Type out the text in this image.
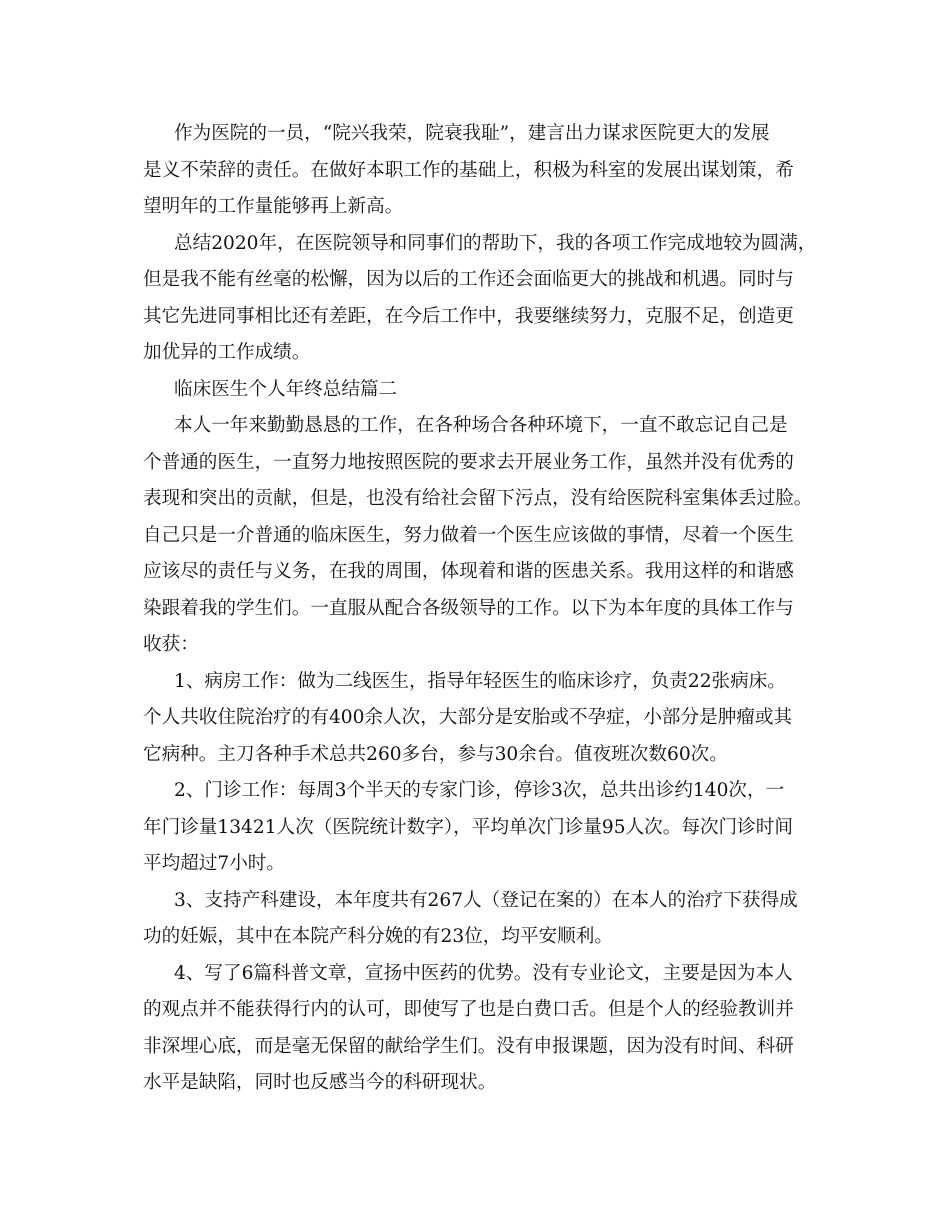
作为医院的一员，“院兴我荣，院衰我耻”，建言出力谋求医院更大的发展
是义不荣辞的责任。在做好本职工作的基础上，积极为科室的发展出谋划策，希
望明年的工作量能够再上新高。
总结2020年，在医院领导和同事们的帮助下，我的各项工作完成地较为圆满，
但是我不能有丝毫的松懈，因为以后的工作还会面临更大的挑战和机遇。同时与
其它先进同事相比还有差距，在今后工作中，我要继续努力，克服不足，创造更
加优异的工作成绩。
临床医生个人年终总结篇二
本人一年来勤勤恳恳的工作，在各种场合各种环境下，一直不敢忘记自己是
个普通的医生，一直努力地按照医院的要求去开展业务工作，虽然并没有优秀的
表现和突出的贡献，但是，也没有给社会留下污点，没有给医院科室集体丢过脸。
自己只是一介普通的临床医生，努力做着一个医生应该做的事情，尽着一个医生
应该尽的责任与义务，在我的周围，体现着和谐的医患关系。我用这样的和谐感
染跟着我的学生们。一直服从配合各级领导的工作。以下为本年度的具体工作与
收获：
1、病房工作：做为二线医生，指导年轻医生的临床诊疗，负责22张病床。
个人共收住院治疗的有400余人次，大部分是安胎或不孕症，小部分是肿瘤或其
它病种。主刀各种手术总共260多台，参与30余台。值夜班次数60次。
2、门诊工作：每周3个半天的专家门诊，停诊3次，总共出诊约140次，一
年门诊量13421人次（医院统计数字），平均单次门诊量95人次。每次门诊时间
平均超过7小时。
3、支持产科建设，本年度共有267人（登记在案的）在本人的治疗下获得成
功的妊娠，其中在本院产科分娩的有23位，均平安顺利。
4、写了6篇科普文章，宣扬中医药的优势。没有专业论文，主要是因为本人
的观点并不能获得行内的认可，即使写了也是白费口舌。但是个人的经验教训并
非深埋心底，而是毫无保留的献给学生们。没有申报课题，因为没有时间、科研
水平是缺陷，同时也反感当今的科研现状。
